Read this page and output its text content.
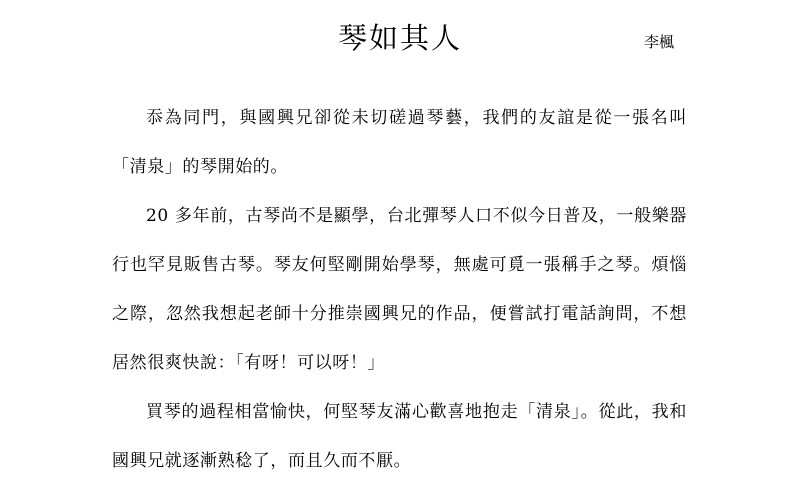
琴如其人	李楓

忝為同門，與國興兄卻從未切磋過琴藝，我們的友誼是從一張名叫「清泉」的琴開始的。

20 多年前，古琴尚不是顯學，台北彈琴人口不似今日普及，一般樂器行也罕見販售古琴。琴友何堅剛開始學琴，無處可覓一張稱手之琴。煩惱之際，忽然我想起老師十分推崇國興兄的作品，便嘗試打電話詢問，不想居然很爽快說：「有呀！可以呀！」

買琴的過程相當愉快，何堅琴友滿心歡喜地抱走「清泉」。從此，我和國興兄就逐漸熟稔了，而且久而不厭。
